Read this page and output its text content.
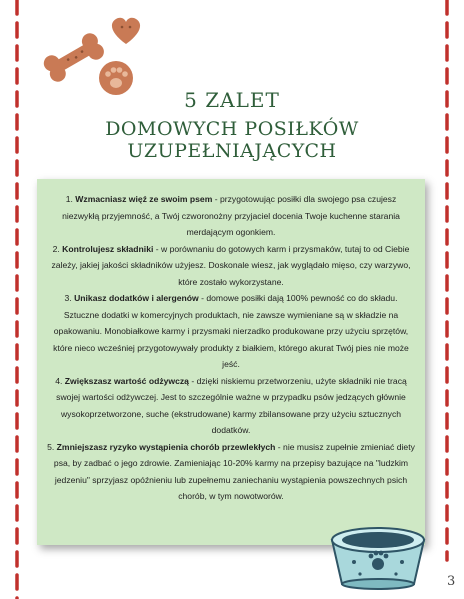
5 ZALET
DOMOWYCH POSIŁKÓW UZUPEŁNIAJĄCYCH

1. Wzmacniasz więź ze swoim psem - przygotowując posiłki dla swojego psa czujesz niezwykłą przyjemność, a Twój czworonożny przyjaciel docenia Twoje kuchenne starania merdającym ogonkiem.

2. Kontrolujesz składniki - w porównaniu do gotowych karm i przysmaków, tutaj to od Ciebie zależy, jakiej jakości składników użyjesz. Doskonale wiesz, jak wyglądało mięso, czy warzywo, które zostało wykorzystane.

3. Unikasz dodatków i alergenów - domowe posiłki dają 100% pewność co do składu. Sztuczne dodatki w komercyjnych produktach, nie zawsze wymieniane są w składzie na opakowaniu. Monobiałkowe karmy i przysmaki nierzadko produkowane przy użyciu sprzętów, które nieco wcześniej przygotowywały produkty z białkiem, którego akurat Twój pies nie może jeść.

4. Zwiększasz wartość odżywczą - dzięki niskiemu przetworzeniu, użyte składniki nie tracą swojej wartości odżywczej. Jest to szczególnie ważne w przypadku psów jedzących głównie wysokoprzetworzone, suche (ekstrudowane) karmy zbilansowane przy użyciu sztucznych dodatków.

5. Zmniejszasz ryzyko wystąpienia chorób przewlekłych - nie musisz zupełnie zmieniać diety psa, by zadbać o jego zdrowie. Zamieniając 10-20% karmy na przepisy bazujące na "ludzkim jedzeniu" sprzyjasz opóźnieniu lub zupełnemu zaniechaniu wystąpienia powszechnych psich chorób, w tym nowotworów.

3
